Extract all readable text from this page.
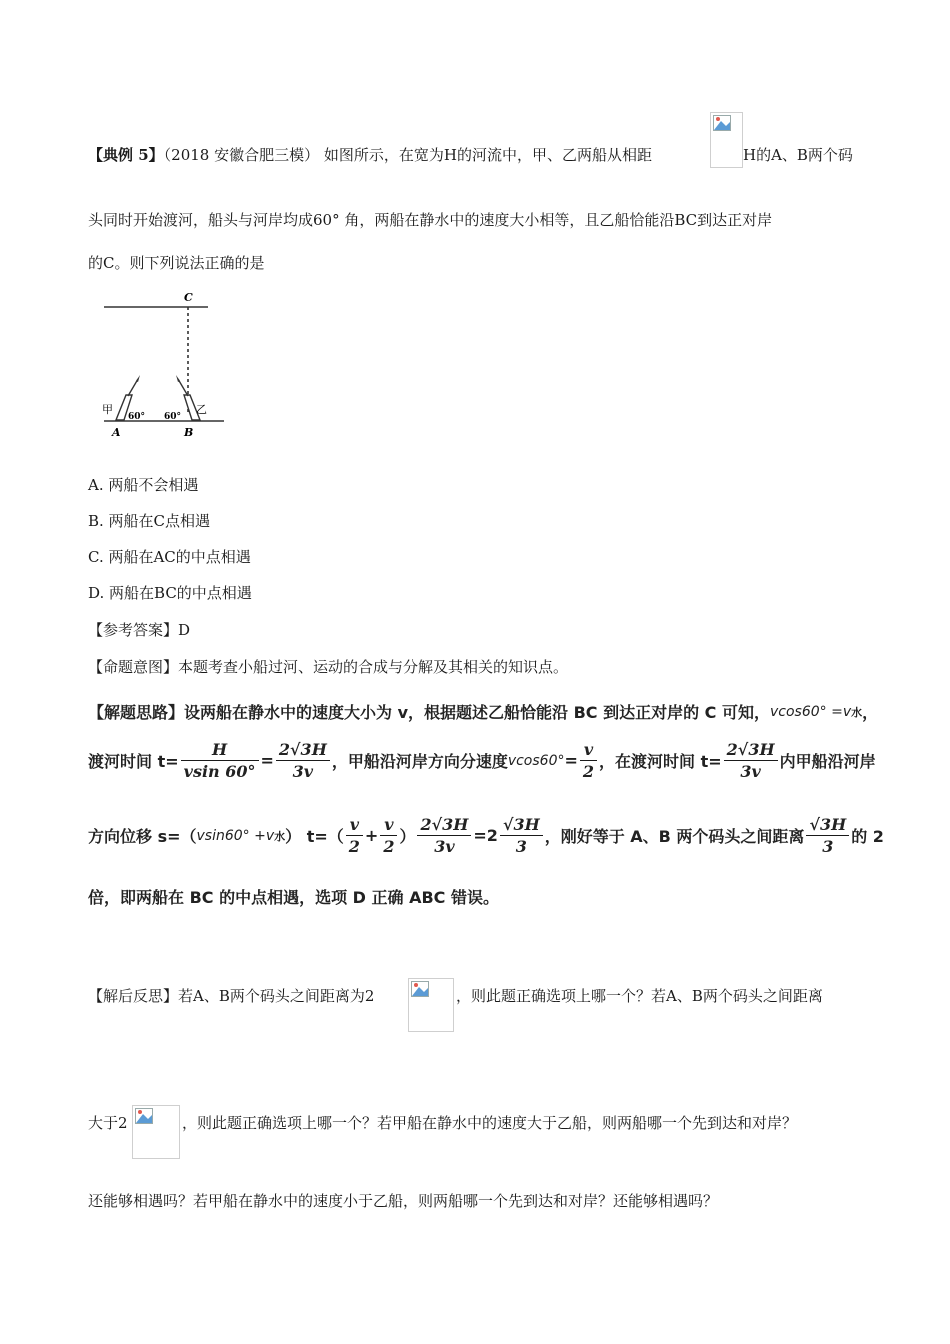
【典例 5】（2018 安徽合肥三模） 如图所示，在宽为H的河流中，甲、乙两船从相距	H的A、B两个码
头同时开始渡河，船头与河岸均成60° 角，两船在静水中的速度大小相等，且乙船恰能沿BC到达正对岸
的C。则下列说法正确的是
C
甲	乙
60° 60°
A	B
A. 两船不会相遇
B. 两船在C点相遇
C. 两船在AC的中点相遇
D. 两船在BC的中点相遇
【参考答案】D
【命题意图】本题考查小船过河、运动的合成与分解及其相关的知识点。
【解题思路】 设两船在静水中的速度大小为 v，根据题述乙船恰能沿 BC 到达正对岸的 C 可知， vcos60° =v 水 ，
渡河时间 $t= \frac{H}{vsin 60^\circ} = \frac{2√3H}{3v}$ ，甲船沿河岸方向分速度 $vcos60^\circ = \frac{v}{2}$ ，在渡河时间 $t= \frac{2√3H}{3v}$ 内甲船沿河岸
方向位移 s=（ vsin60° +v 水 ） $t=( \frac{v}{2} + \frac{v}{2}$ ） $\frac{2√3H}{3v} =2 \frac{√3H}{3}$ ，刚好等于 A、B 两个码头之间距离 $\frac{√3H}{3}$ 的 2
倍，即两船在 BC 的中点相遇，选项 D 正确 ABC 错误。
【解后反思】若A、B两个码头之间距离为2	，则此题正确选项上哪一个？若A、B两个码头之间距离
大于2	，则此题正确选项上哪一个？若甲船在静水中的速度大于乙船，则两船哪一个先到达和对岸？
还能够相遇吗？若甲船在静水中的速度小于乙船，则两船哪一个先到达和对岸？还能够相遇吗？
